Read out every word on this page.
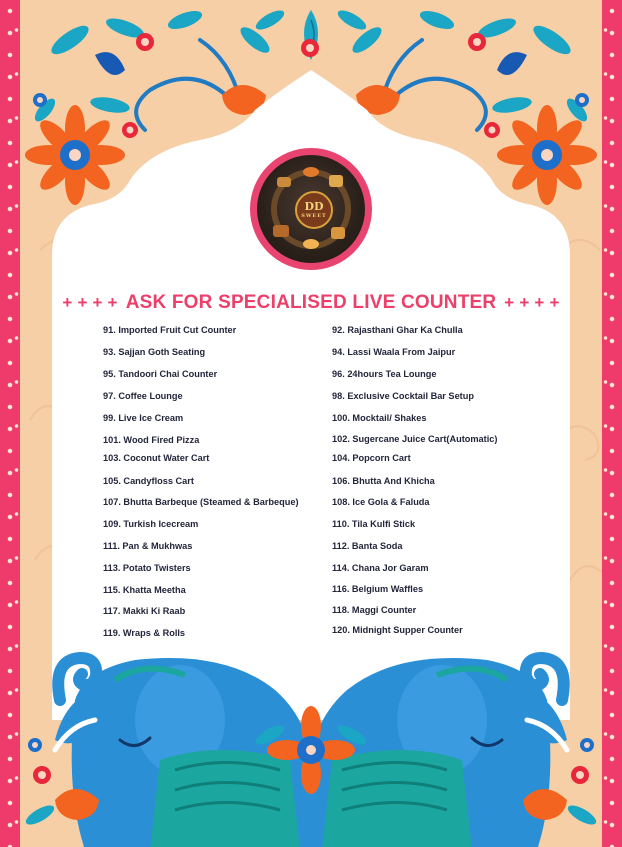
DD
SWEET
+ + + + ASK FOR SPECIALISED LIVE COUNTER + + + +
91. Imported Fruit Cut Counter
93. Sajjan Goth Seating
95. Tandoori Chai Counter
97. Coffee Lounge
99. Live Ice Cream
101. Wood Fired Pizza
103. Coconut Water Cart
105. Candyfloss Cart
107. Bhutta Barbeque (Steamed & Barbeque)
109. Turkish Icecream
111. Pan & Mukhwas
113. Potato Twisters
115. Khatta Meetha
117. Makki Ki Raab
119. Wraps & Rolls
92. Rajasthani Ghar Ka Chulla
94. Lassi Waala From Jaipur
96. 24hours Tea Lounge
98. Exclusive Cocktail Bar Setup
100. Mocktail/ Shakes
102. Sugercane Juice Cart(Automatic)
104. Popcorn Cart
106. Bhutta And Khicha
108. Ice Gola & Faluda
110. Tila Kulfi Stick
112. Banta Soda
114. Chana Jor Garam
116. Belgium Waffles
118. Maggi Counter
120. Midnight Supper Counter
